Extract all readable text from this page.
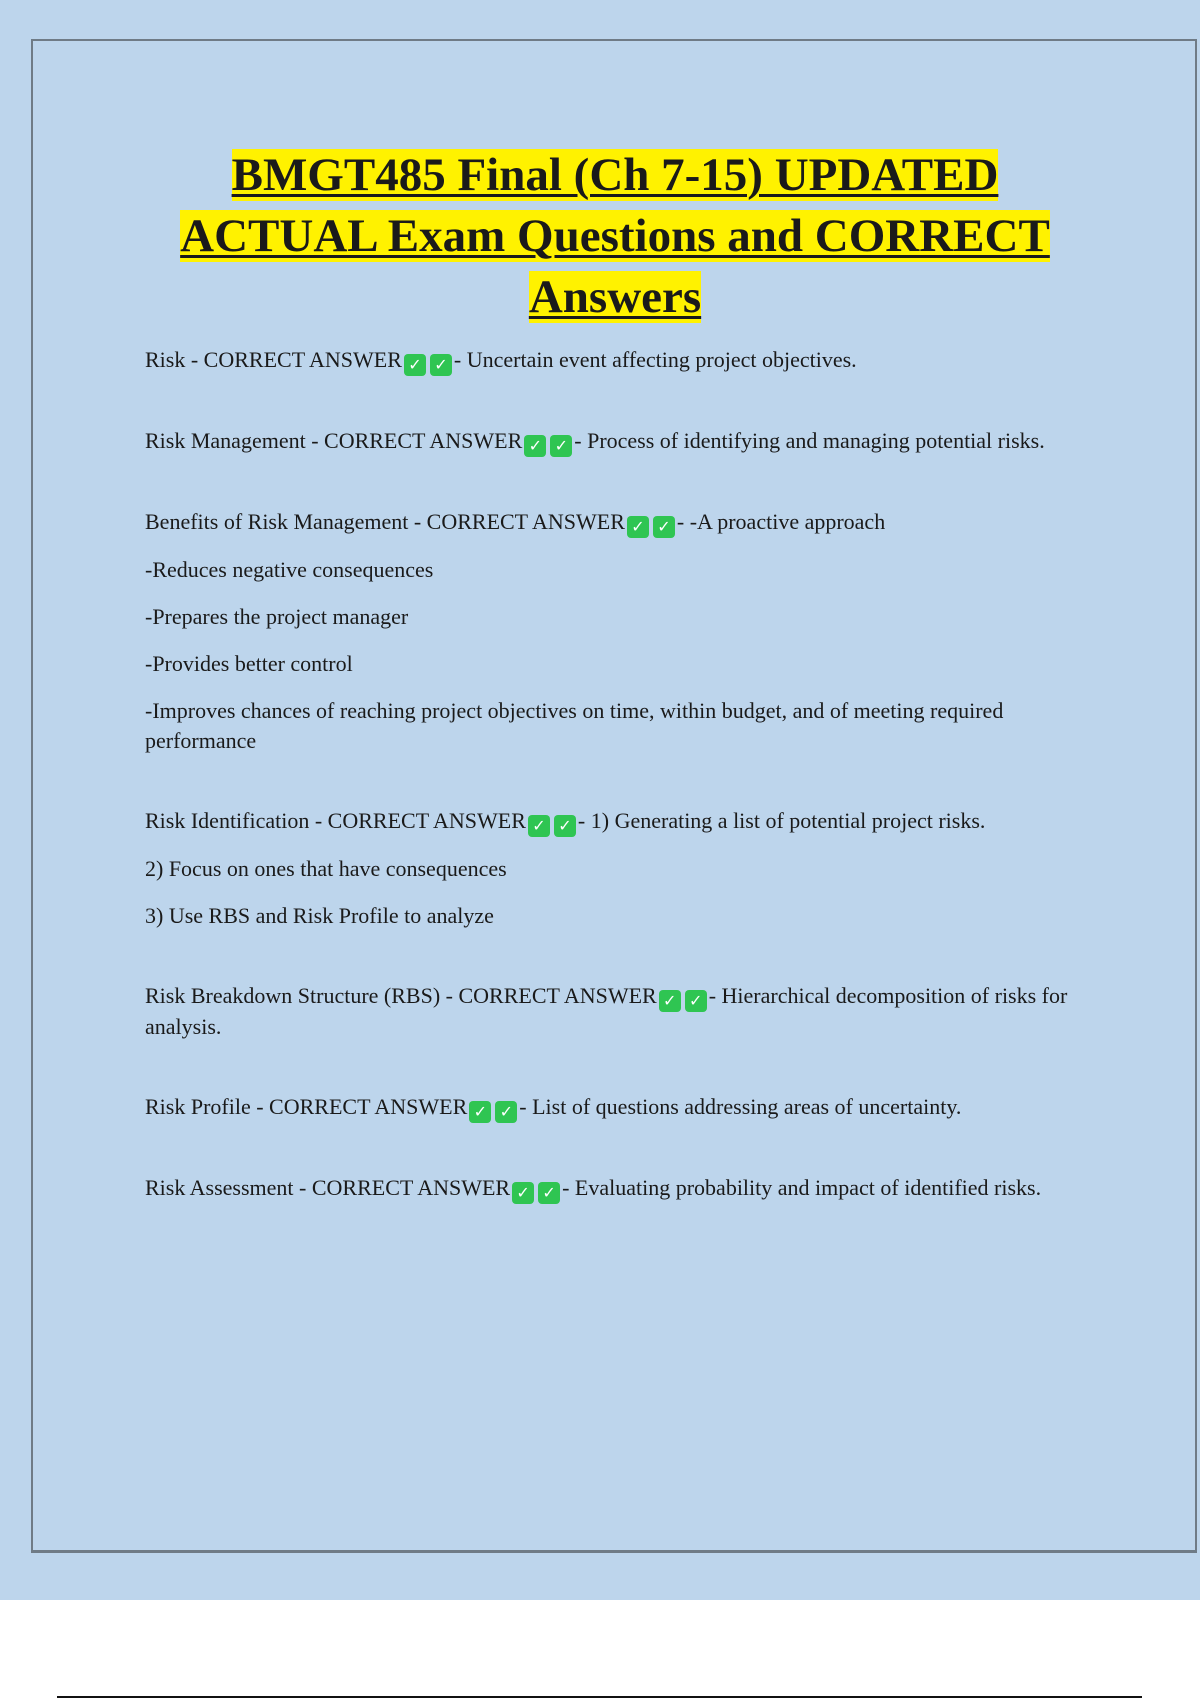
BMGT485 Final (Ch 7-15) UPDATED
ACTUAL Exam Questions and CORRECT
Answers

Risk - CORRECT ANSWER ✓ ✓ - Uncertain event affecting project objectives.

Risk Management - CORRECT ANSWER ✓ ✓ - Process of identifying and managing potential risks.

Benefits of Risk Management - CORRECT ANSWER ✓ ✓ - -A proactive approach

-Reduces negative consequences

-Prepares the project manager

-Provides better control

-Improves chances of reaching project objectives on time, within budget, and of meeting required performance

Risk Identification - CORRECT ANSWER ✓ ✓ - 1) Generating a list of potential project risks.

2) Focus on ones that have consequences

3) Use RBS and Risk Profile to analyze

Risk Breakdown Structure (RBS) - CORRECT ANSWER ✓ ✓ - Hierarchical decomposition of risks for analysis.

Risk Profile - CORRECT ANSWER ✓ ✓ - List of questions addressing areas of uncertainty.

Risk Assessment - CORRECT ANSWER ✓ ✓ - Evaluating probability and impact of identified risks.
